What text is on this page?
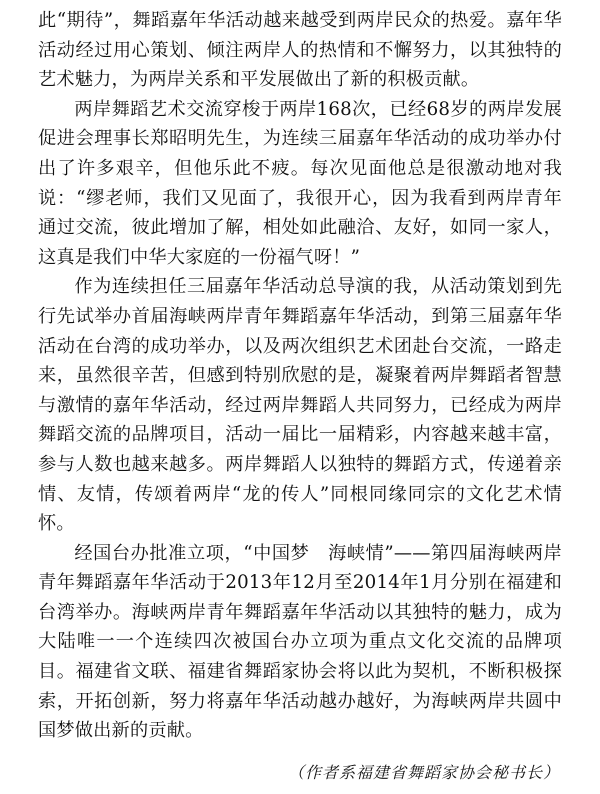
此“期待”，舞蹈嘉年华活动越来越受到两岸民众的热爱。嘉年华活动经过用心策划、倾注两岸人的热情和不懈努力，以其独特的艺术魅力，为两岸关系和平发展做出了新的积极贡献。

两岸舞蹈艺术交流穿梭于两岸168次，已经68岁的两岸发展促进会理事长郑昭明先生，为连续三届嘉年华活动的成功举办付出了许多艰辛，但他乐此不疲。每次见面他总是很激动地对我说：“缪老师，我们又见面了，我很开心，因为我看到两岸青年通过交流，彼此增加了解，相处如此融洽、友好，如同一家人，这真是我们中华大家庭的一份福气呀！”

作为连续担任三届嘉年华活动总导演的我，从活动策划到先行先试举办首届海峡两岸青年舞蹈嘉年华活动，到第三届嘉年华活动在台湾的成功举办，以及两次组织艺术团赴台交流，一路走来，虽然很辛苦，但感到特别欣慰的是，凝聚着两岸舞蹈者智慧与激情的嘉年华活动，经过两岸舞蹈人共同努力，已经成为两岸舞蹈交流的品牌项目，活动一届比一届精彩，内容越来越丰富，参与人数也越来越多。两岸舞蹈人以独特的舞蹈方式，传递着亲情、友情，传颂着两岸“龙的传人”同根同缘同宗的文化艺术情怀。

经国台办批准立项，“中国梦　海峡情”——第四届海峡两岸青年舞蹈嘉年华活动于2013年12月至2014年1月分别在福建和台湾举办。海峡两岸青年舞蹈嘉年华活动以其独特的魅力，成为大陆唯一一个连续四次被国台办立项为重点文化交流的品牌项目。福建省文联、福建省舞蹈家协会将以此为契机，不断积极探索，开拓创新，努力将嘉年华活动越办越好，为海峡两岸共圆中国梦做出新的贡献。

（作者系福建省舞蹈家协会秘书长）
